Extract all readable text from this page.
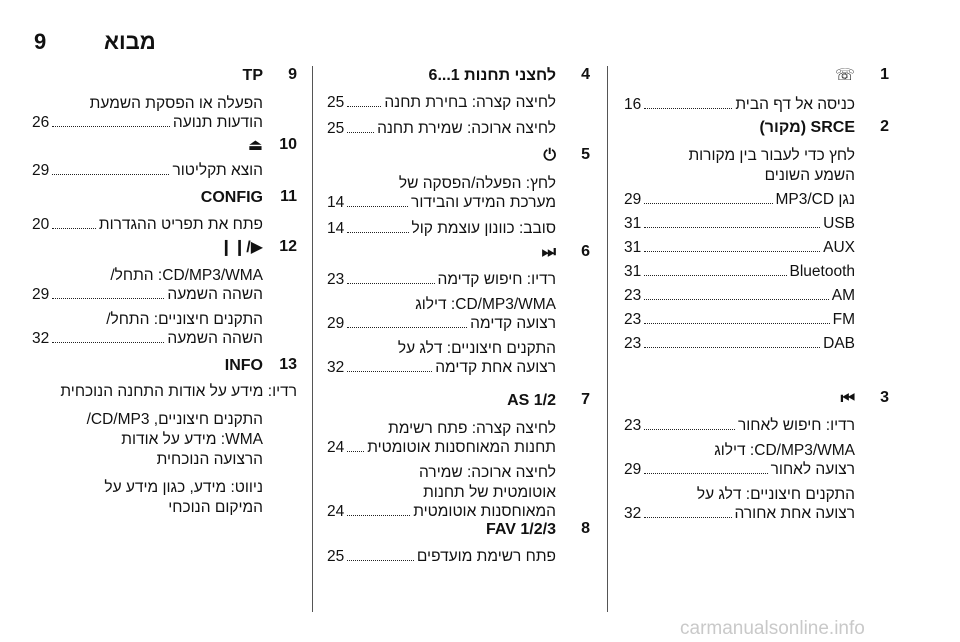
9	מבוא
1
☏
כניסה אל דף הבית
16
2
SRCE (מקור)
לחץ כדי לעבור בין מקורות
השמע השונים
נגן MP3/CD
29
USB
31
AUX
31
Bluetooth
31
AM
23
FM
23
DAB
23
3
⏮
רדיו: חיפוש לאחור
23
CD/MP3/WMA: דילוג
רצועה לאחור
29
התקנים חיצוניים: דלג על
רצועה אחת אחורה
32
4
לחצני תחנות 1...6
לחיצה קצרה: בחירת תחנה
25
לחיצה ארוכה: שמירת תחנה
25
5
⏻
לחץ: הפעלה/הפסקה של
מערכת המידע והבידור
14
סובב: כוונון עוצמת קול
14
6
⏭
רדיו: חיפוש קדימה
23
CD/MP3/WMA: דילוג
רצועה קדימה
29
התקנים חיצוניים: דלג על
רצועה אחת קדימה
32
7
AS 1/2
לחיצה קצרה: פתח רשימת
תחנות המאוחסנות אוטומטית
24
לחיצה ארוכה: שמירה
אוטומטית של תחנות
המאוחסנות אוטומטית
24
8
FAV 1/2/3
פתח רשימת מועדפים
25
9
TP
הפעלה או הפסקת השמעת
הודעות תנועה
26
10
⏏
הוצא תקליטור
29
11
CONFIG
פתח את תפריט ההגדרות
20
12
▶/❙❙
CD/MP3/WMA: התחל/
השהה השמעה
29
התקנים חיצוניים: התחל/
השהה השמעה
32
13
INFO
רדיו: מידע על אודות התחנה הנוכחית
התקנים חיצוניים, CD/MP3/
WMA: מידע על אודות
הרצועה הנוכחית
ניווט: מידע, כגון מידע על
המיקום הנוכחי
carmanualsonline.info
